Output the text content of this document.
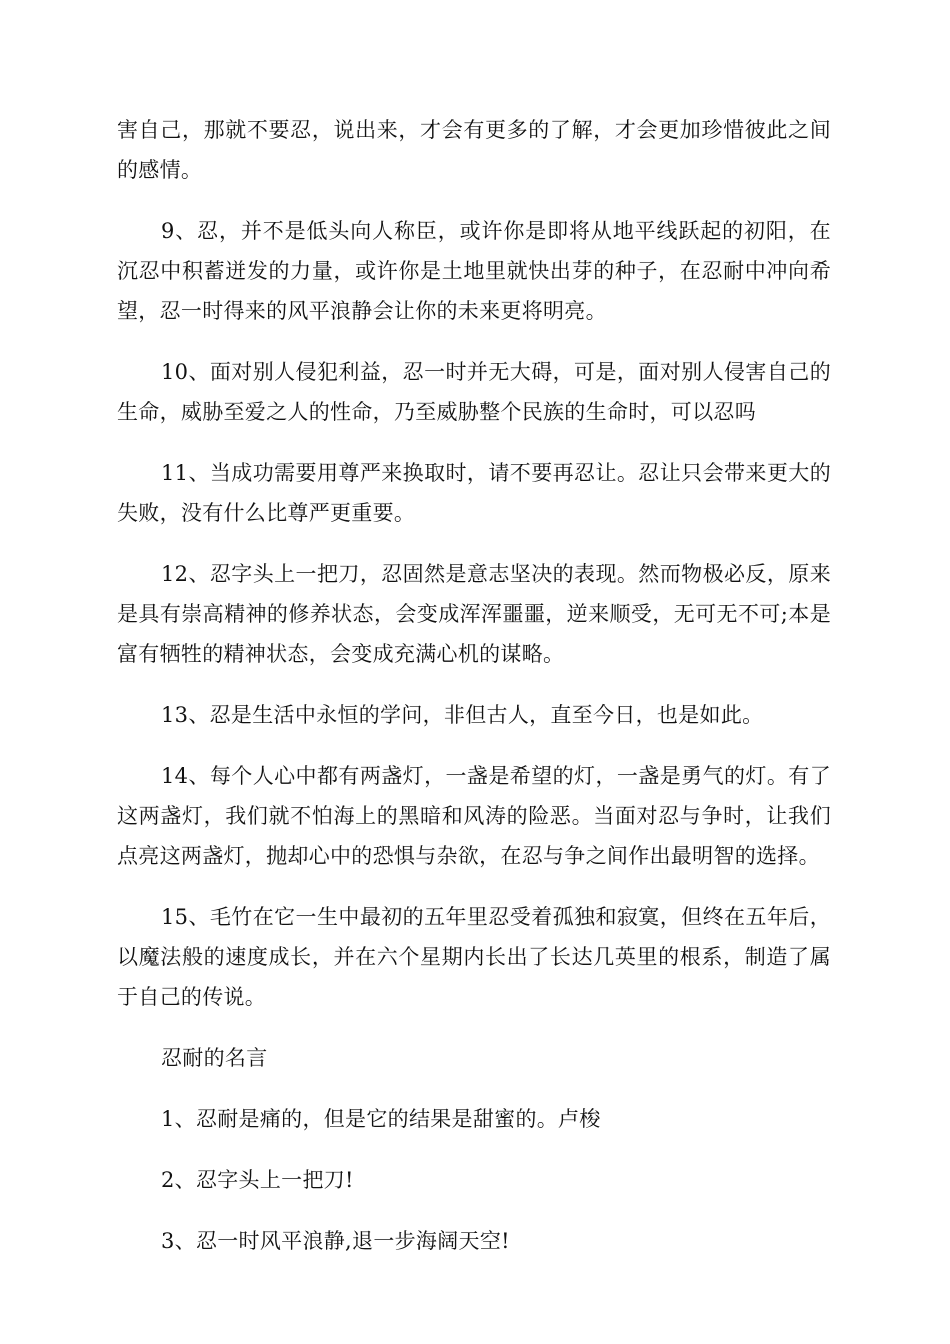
害自己，那就不要忍，说出来，才会有更多的了解，才会更加珍惜彼此之间的感情。

9、忍，并不是低头向人称臣，或许你是即将从地平线跃起的初阳，在沉忍中积蓄迸发的力量，或许你是土地里就快出芽的种子，在忍耐中冲向希望，忍一时得来的风平浪静会让你的未来更将明亮。

10、面对别人侵犯利益，忍一时并无大碍，可是，面对别人侵害自己的生命，威胁至爱之人的性命，乃至威胁整个民族的生命时，可以忍吗

11、当成功需要用尊严来换取时，请不要再忍让。忍让只会带来更大的失败，没有什么比尊严更重要。

12、忍字头上一把刀，忍固然是意志坚决的表现。然而物极必反，原来是具有崇高精神的修养状态，会变成浑浑噩噩，逆来顺受，无可无不可;本是富有牺牲的精神状态，会变成充满心机的谋略。

13、忍是生活中永恒的学问，非但古人，直至今日，也是如此。

14、每个人心中都有两盏灯，一盏是希望的灯，一盏是勇气的灯。有了这两盏灯，我们就不怕海上的黑暗和风涛的险恶。当面对忍与争时，让我们点亮这两盏灯，抛却心中的恐惧与杂欲，在忍与争之间作出最明智的选择。

15、毛竹在它一生中最初的五年里忍受着孤独和寂寞，但终在五年后，以魔法般的速度成长，并在六个星期内长出了长达几英里的根系，制造了属于自己的传说。

忍耐的名言

1、忍耐是痛的，但是它的结果是甜蜜的。卢梭

2、忍字头上一把刀!

3、忍一时风平浪静,退一步海阔天空!
